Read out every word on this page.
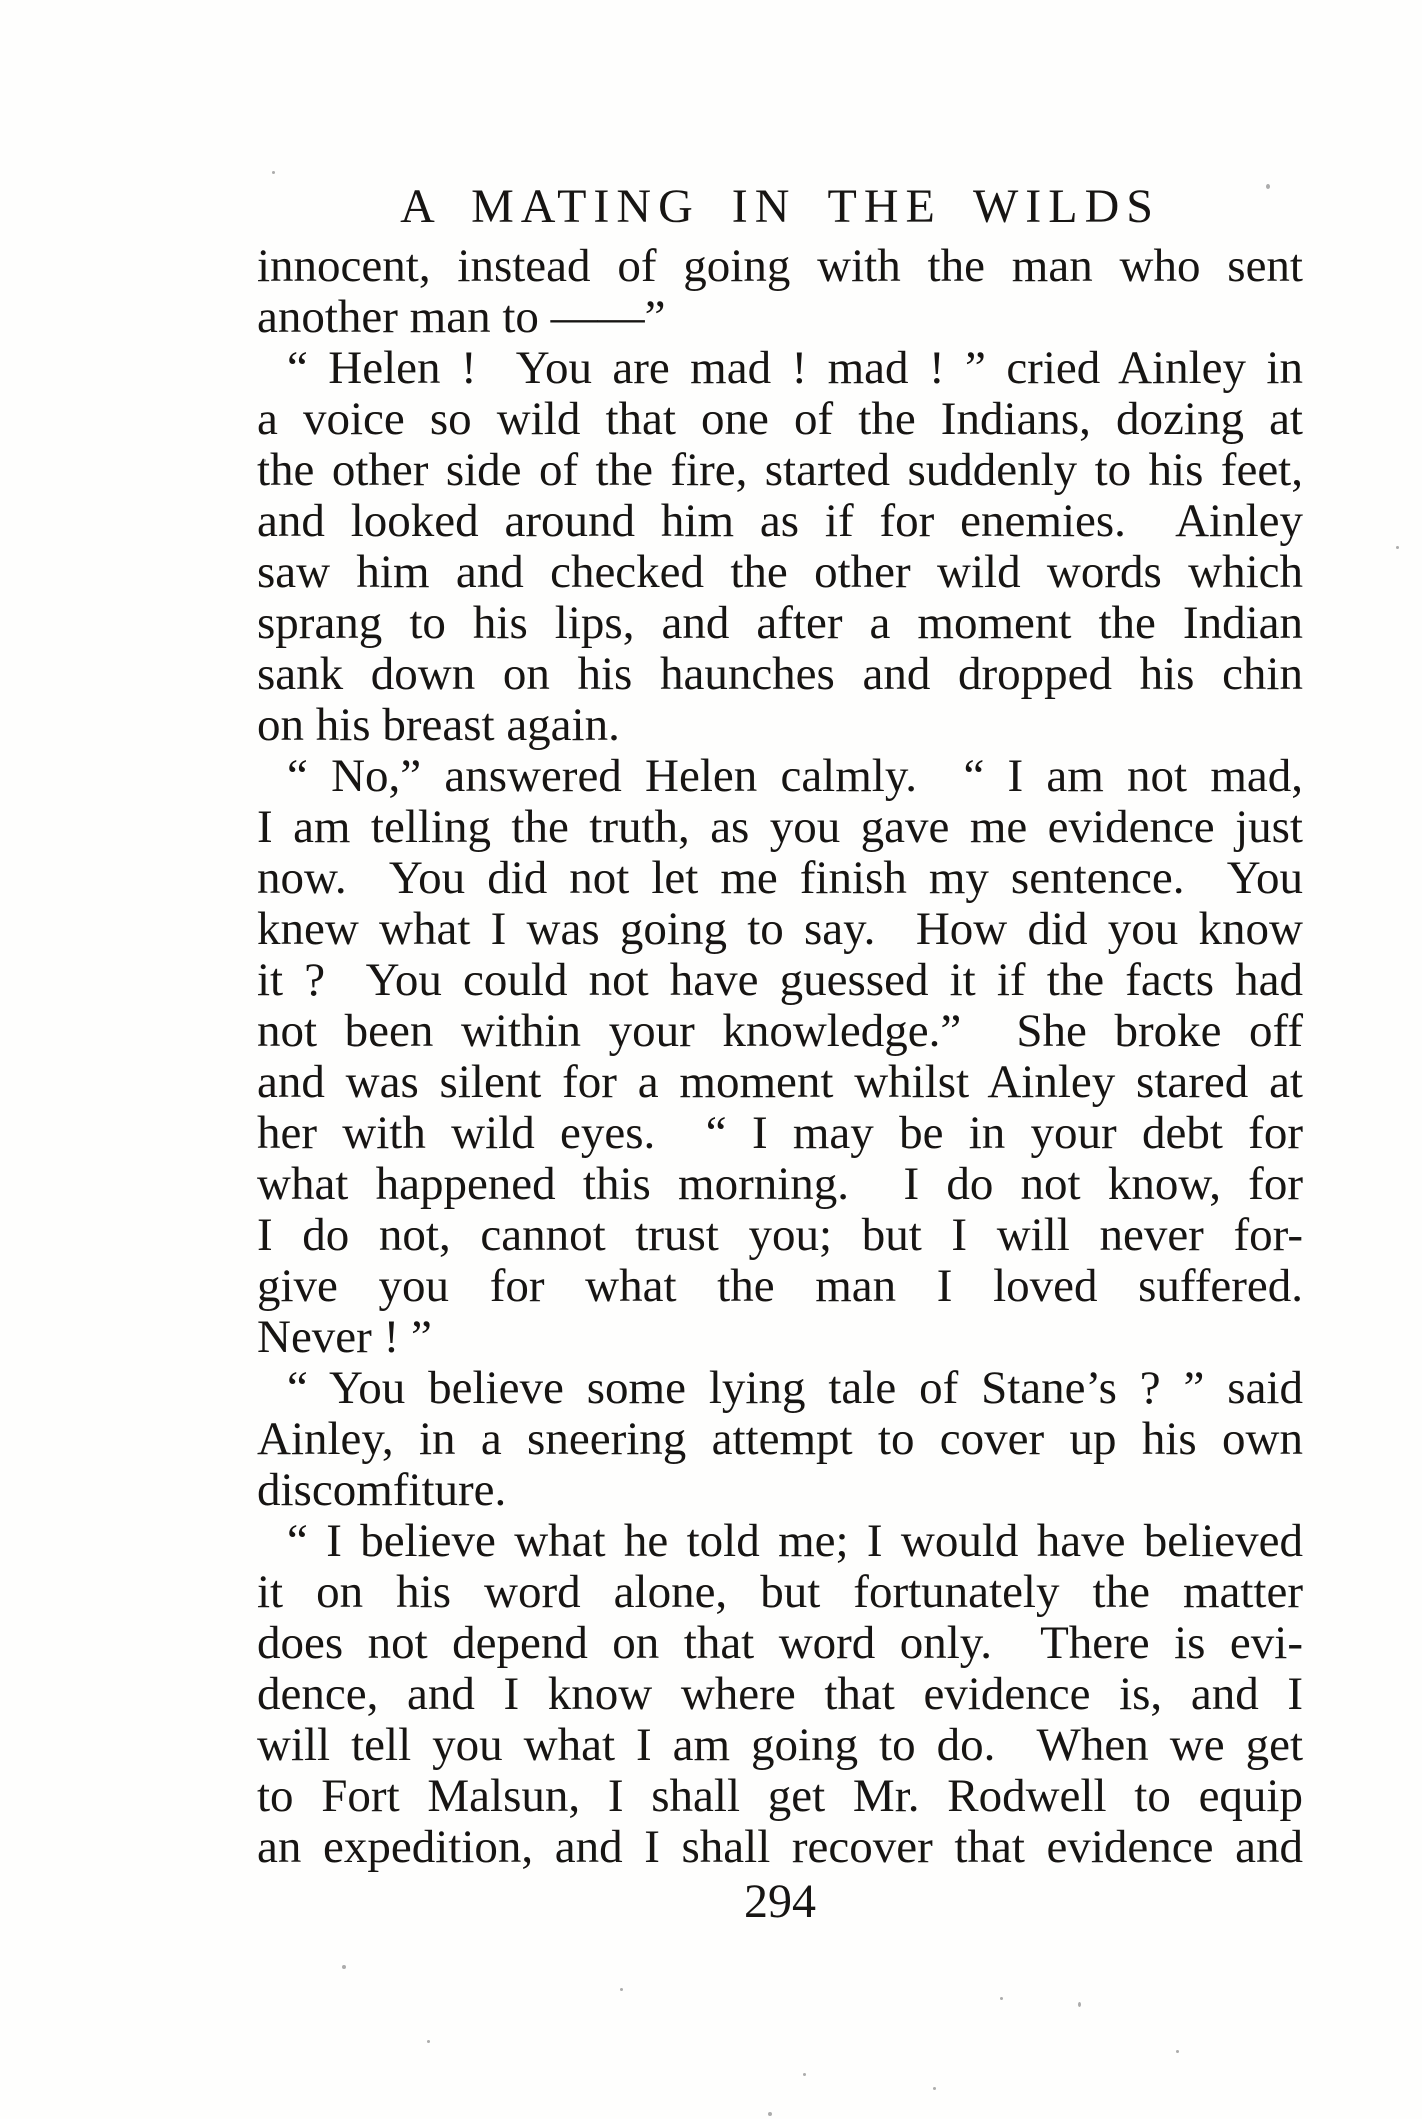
A MATING IN THE WILDS
innocent, instead of going with the man who sent
another man to ——”
“ Helen !  You are mad ! mad ! ” cried Ainley in
a voice so wild that one of the Indians, dozing at
the other side of the fire, started suddenly to his feet,
and looked around him as if for enemies.  Ainley
saw him and checked the other wild words which
sprang to his lips, and after a moment the Indian
sank down on his haunches and dropped his chin
on his breast again.
“ No,” answered Helen calmly.  “ I am not mad,
I am telling the truth, as you gave me evidence just
now.  You did not let me finish my sentence.  You
knew what I was going to say.  How did you know
it ?  You could not have guessed it if the facts had
not been within your knowledge.”  She broke off
and was silent for a moment whilst Ainley stared at
her with wild eyes.  “ I may be in your debt for
what happened this morning.  I do not know, for
I do not, cannot trust you; but I will never for-
give you for what the man I loved suffered.
Never ! ”
“ You believe some lying tale of Stane’s ? ” said
Ainley, in a sneering attempt to cover up his own
discomfiture.
“ I believe what he told me; I would have believed
it on his word alone, but fortunately the matter
does not depend on that word only.  There is evi-
dence, and I know where that evidence is, and I
will tell you what I am going to do.  When we get
to Fort Malsun, I shall get Mr. Rodwell to equip
an expedition, and I shall recover that evidence and
294
